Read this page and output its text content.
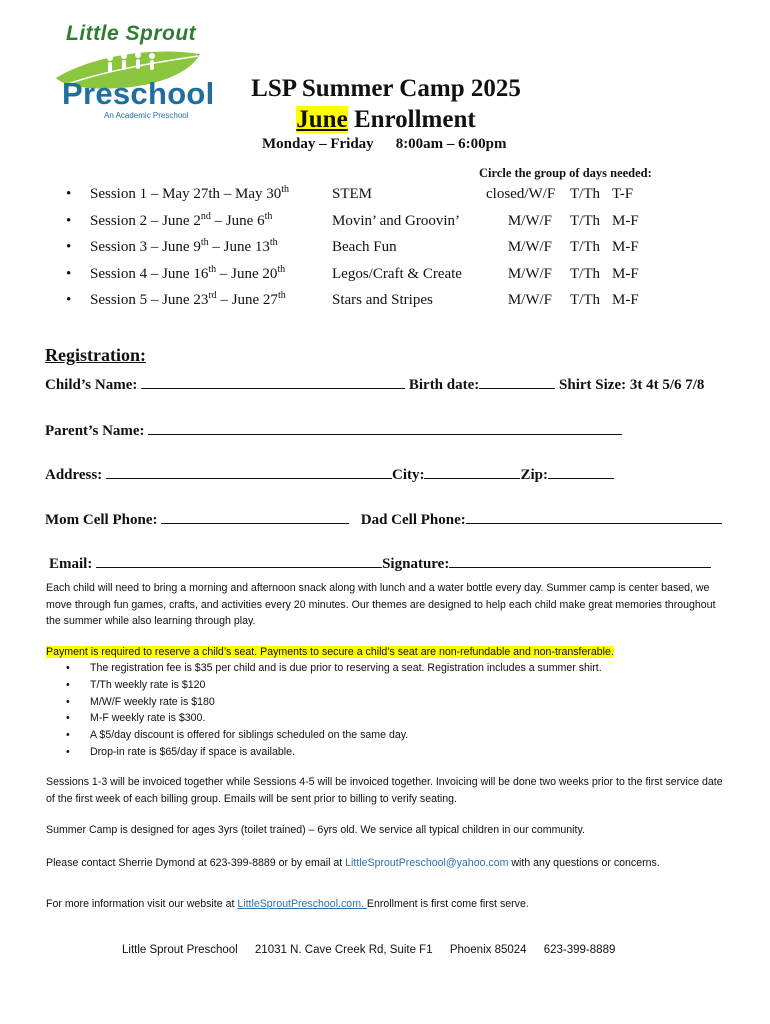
Little Sprout
Preschool
An Academic Preschool
LSP Summer Camp 2025
June Enrollment
Monday – Friday 8:00am – 6:00pm
Circle the group of days needed:
• Session 1 – May 27th – May 30th	STEM	closed/W/F T/Th T-F
• Session 2 – June 2nd – June 6th	Movin’ and Groovin’	M/W/F T/Th M-F
• Session 3 – June 9th – June 13th	Beach Fun	M/W/F T/Th M-F
• Session 4 – June 16th – June 20th	Legos/Craft & Create	M/W/F T/Th M-F
• Session 5 – June 23rd – June 27th	Stars and Stripes	M/W/F T/Th M-F
Registration:
Child’s Name:	Birth date:	Shirt Size: 3t 4t 5/6 7/8
Parent’s Name:
Address:	City:	Zip:
Mom Cell Phone:	Dad Cell Phone:
Email:	Signature:
Each child will need to bring a morning and afternoon snack along with lunch and a water bottle every day. Summer camp is center based, we move through fun games, crafts, and activities every 20 minutes. Our themes are designed to help each child make great memories throughout the summer while also learning through play.
Payment is required to reserve a child’s seat. Payments to secure a child’s seat are non-refundable and non-transferable.
• The registration fee is $35 per child and is due prior to reserving a seat. Registration includes a summer shirt.
• T/Th weekly rate is $120
• M/W/F weekly rate is $180
• M-F weekly rate is $300.
• A $5/day discount is offered for siblings scheduled on the same day.
• Drop-in rate is $65/day if space is available.
Sessions 1-3 will be invoiced together while Sessions 4-5 will be invoiced together. Invoicing will be done two weeks prior to the first service date of the first week of each billing group. Emails will be sent prior to billing to verify seating.
Summer Camp is designed for ages 3yrs (toilet trained) – 6yrs old. We service all typical children in our community.
Please contact Sherrie Dymond at 623-399-8889 or by email at LittleSproutPreschool@yahoo.com with any questions or concerns.
For more information visit our website at LittleSproutPreschool.com. Enrollment is first come first serve.
Little Sprout Preschool 21031 N. Cave Creek Rd, Suite F1 Phoenix 85024 623-399-8889
